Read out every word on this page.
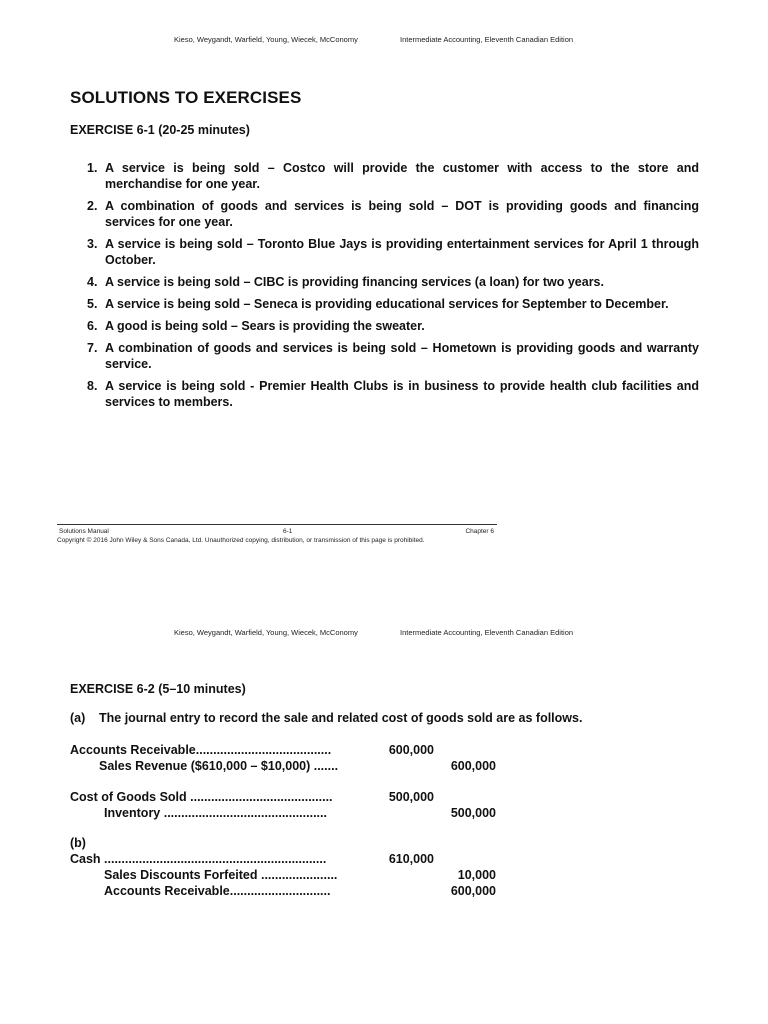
Kieso, Weygandt, Warfield, Young, Wiecek, McConomy	Intermediate Accounting, Eleventh Canadian Edition
SOLUTIONS TO EXERCISES
EXERCISE 6-1 (20-25 minutes)
1. A service is being sold – Costco will provide the customer with access to the store and merchandise for one year.
2. A combination of goods and services is being sold – DOT is providing goods and financing services for one year.
3. A service is being sold – Toronto Blue Jays is providing entertainment services for April 1 through October.
4. A service is being sold – CIBC is providing financing services (a loan) for two years.
5. A service is being sold – Seneca is providing educational services for September to December.
6. A good is being sold – Sears is providing the sweater.
7. A combination of goods and services is being sold – Hometown is providing goods and warranty service.
8. A service is being sold - Premier Health Clubs is in business to provide health club facilities and services to members.
Solutions Manual	6-1	Chapter 6
Copyright © 2016 John Wiley & Sons Canada, Ltd. Unauthorized copying, distribution, or transmission of this page is prohibited.
Kieso, Weygandt, Warfield, Young, Wiecek, McConomy	Intermediate Accounting, Eleventh Canadian Edition
EXERCISE 6-2 (5–10 minutes)
(a) The journal entry to record the sale and related cost of goods sold are as follows.
Accounts Receivable.......................................	600,000
Sales Revenue ($610,000 – $10,000) .......	600,000
Cost of Goods Sold .........................................	500,000
Inventory ...............................................	500,000
(b)
Cash ................................................................	610,000
Sales Discounts Forfeited ......................	10,000
Accounts Receivable.............................	600,000
